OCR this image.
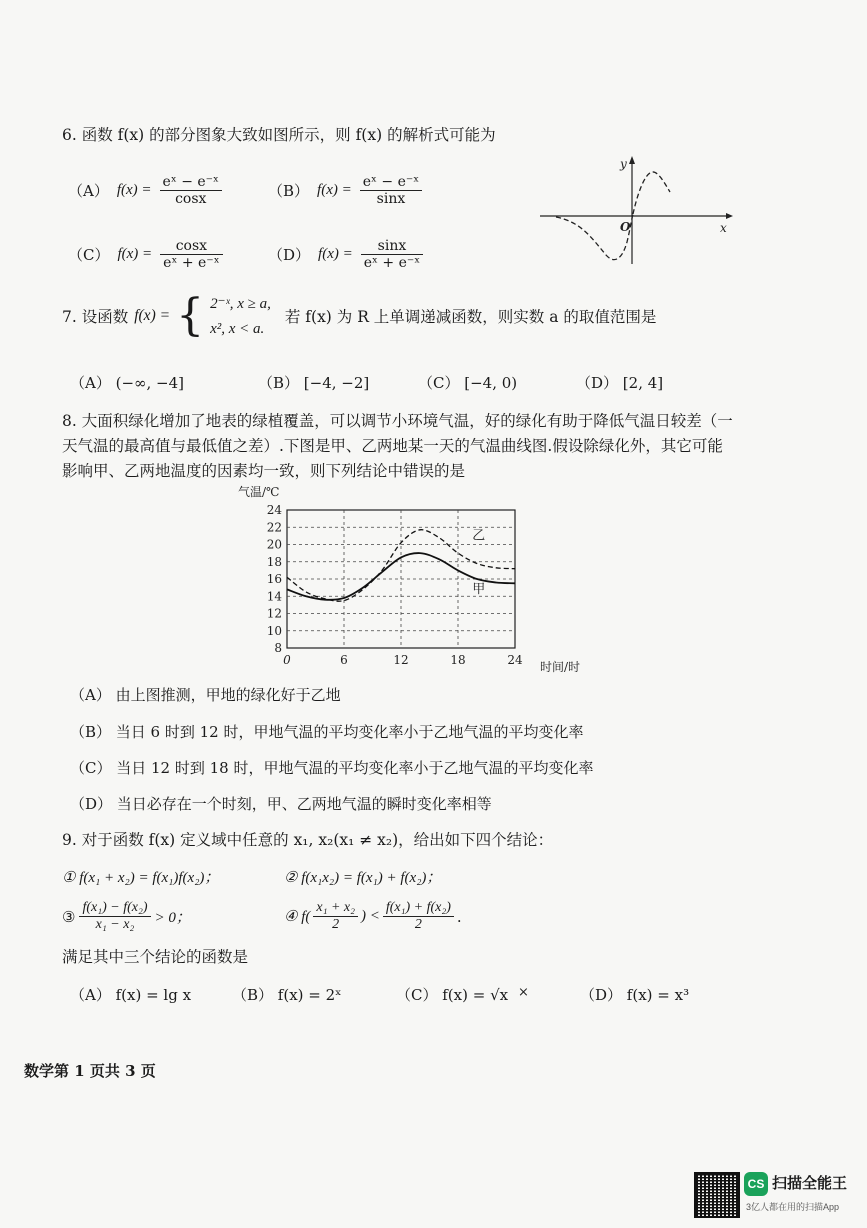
6. 函数 f(x) 的部分图象大致如图所示，则 f(x) 的解析式可能为
（A） $f(x) = \frac{\text{eˣ − e⁻ˣ}}{\cos x}$	（B） $f(x) = \frac{\text{eˣ − e⁻ˣ}}{\sin x}$
（C） $f(x) = \frac{\cos x}{\text{eˣ + e⁻ˣ}}$	（D） $f(x) = \frac{\sin x}{\text{eˣ + e⁻ˣ}}$
y
x
O
7. 设函数 f(x) = { 2⁻ˣ, x ≥ a,
x², x < a.
若 f(x) 为 R 上单调递减函数，则实数 a 的取值范围是
（A） (−∞, −4]	（B） [−4, −2]	（C） [−4, 0)	（D） [2, 4]
8. 大面积绿化增加了地表的绿植覆盖，可以调节小环境气温，好的绿化有助于降低气温日较差（一
天气温的最高值与最低值之差）.下图是甲、乙两地某一天的气温曲线图.假设除绿化外，其它可能
影响甲、乙两地温度的因素均一致，则下列结论中错误的是
甲
乙
8
10
12
14
16
18
20
22
24
0	6	12	18	24
气温/℃
时间/时
（A） 由上图推测，甲地的绿化好于乙地
（B） 当日 6 时到 12 时，甲地气温的平均变化率小于乙地气温的平均变化率
（C） 当日 12 时到 18 时，甲地气温的平均变化率小于乙地气温的平均变化率
（D） 当日必存在一个时刻，甲、乙两地气温的瞬时变化率相等
9. 对于函数 f(x) 定义域中任意的 x₁, x₂(x₁ ≠ x₂)，给出如下四个结论：
① f(x₁ + x₂) = f(x₁)f(x₂)；	② f(x₁x₂) = f(x₁) + f(x₂)；
③ $\frac{\text{f(x₁) − f(x₂)}}{\text{x₁ − x₂}} > 0$；	④ $f( \frac{\text{x₁ + x₂}}{2}$ ) < $\frac{\text{f(x₁) + f(x₂)}}{2}$ .
满足其中三个结论的函数是
（A） f(x) = lg x	（B） f(x) = 2ˣ	（C） f(x) = √x ×	（D） f(x) = x³
数学第 1 页共 3 页
CS 扫描全能王
3亿人都在用的扫描App
